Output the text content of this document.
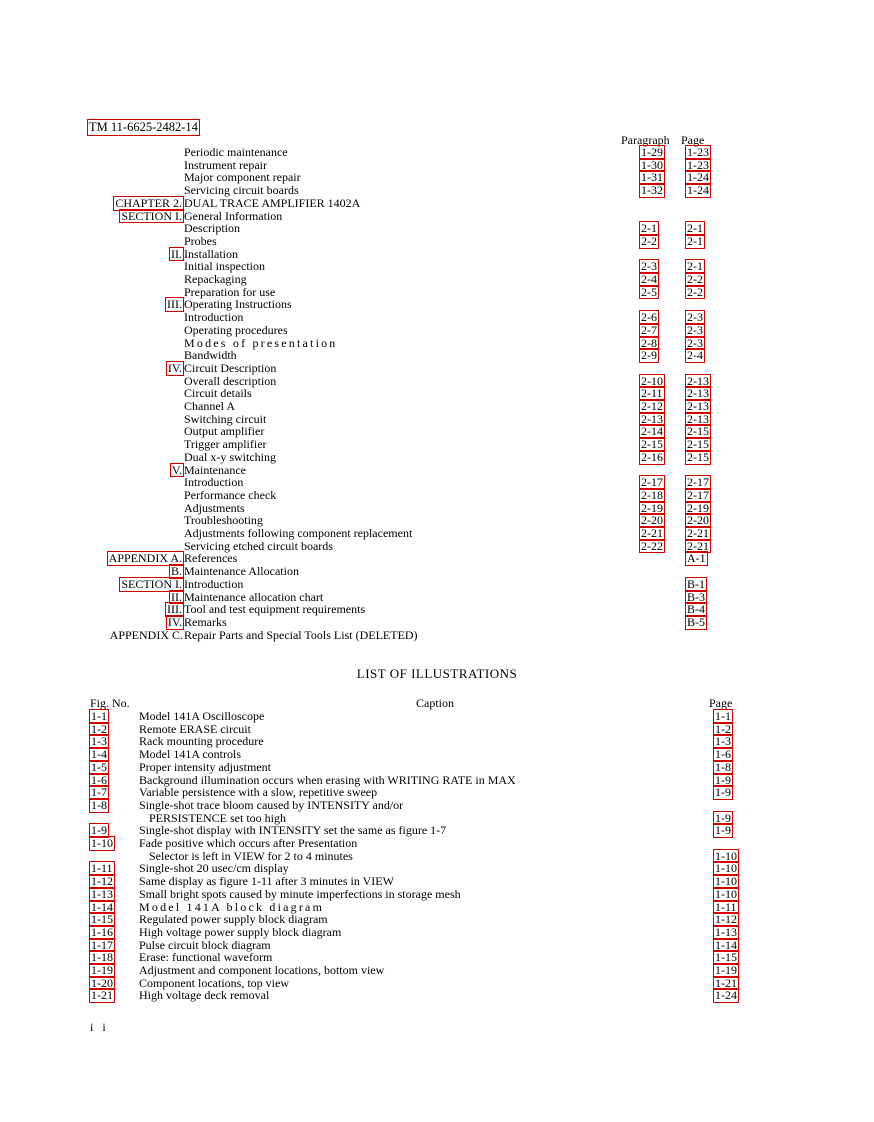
TM 11-6625-2482-14
Paragraph Page
Periodic maintenance	1-29 1-23
Instrument repair	1-30 1-23
Major component repair	1-31 1-24
Servicing circuit boards	1-32 1-24
CHAPTER 2. DUAL TRACE AMPLIFIER 1402A
SECTION I. General Information
Description	2-1	2-1
Probes	2-2	2-1
II. Installation
Initial inspection	2-3	2-1
Repackaging	2-4	2-2
Preparation for use	2-5	2-2
III. Operating Instructions
Introduction	2-6	2-3
Operating procedures	2-7	2-3
Modes of presentation	2-8	2-3
Bandwidth	2-9	2-4
IV. Circuit Description
Overall description	2-10 2-13
Circuit details	2-11 2-13
Channel A	2-12 2-13
Switching circuit	2-13 2-13
Output amplifier	2-14 2-15
Trigger amplifier	2-15 2-15
Dual x-y switching	2-16 2-15
V. Maintenance
Introduction	2-17 2-17
Performance check	2-18 2-17
Adjustments	2-19 2-19
Troubleshooting	2-20 2-20
Adjustments following component replacement	2-21 2-21
Servicing etched circuit boards	2-22 2-21
APPENDIX A. References	A-1
B. Maintenance Allocation
SECTION I. Introduction	B-1
II. Maintenance allocation chart	B-3
III. Tool and test equipment requirements	B-4
IV. Remarks	B-5
APPENDIX C. Repair Parts and Special Tools List (DELETED)
LIST OF ILLUSTRATIONS
Fig. No.	Caption	Page
1-1	Model 141A Oscilloscope	1-1
1-2	Remote ERASE circuit	1-2
1-3	Rack mounting procedure	1-3
1-4	Model 141A controls	1-6
1-5	Proper intensity adjustment	1-8
1-6	Background illumination occurs when erasing with WRITING RATE in MAX	1-9
1-7	Variable persistence with a slow, repetitive sweep	1-9
1-8	Single-shot trace bloom caused by INTENSITY and/or
PERSISTENCE set too high	1-9
1-9	Single-shot display with INTENSITY set the same as figure 1-7	1-9
1-10 Fade positive which occurs after Presentation
Selector is left in VIEW for 2 to 4 minutes	1-10
1-11 Single-shot 20 usec/cm display	1-10
1-12 Same display as figure 1-11 after 3 minutes in VIEW	1-10
1-13 Small bright spots caused by minute imperfections in storage mesh	1-10
1-14 Model 141A block diagram	1-11
1-15 Regulated power supply block diagram	1-12
1-16 High voltage power supply block diagram	1-13
1-17 Pulse circuit block diagram	1-14
1-18 Erase: functional waveform	1-15
1-19 Adjustment and component locations, bottom view	1-19
1-20 Component locations, top view	1-21
1-21 High voltage deck removal	1-24
i i
